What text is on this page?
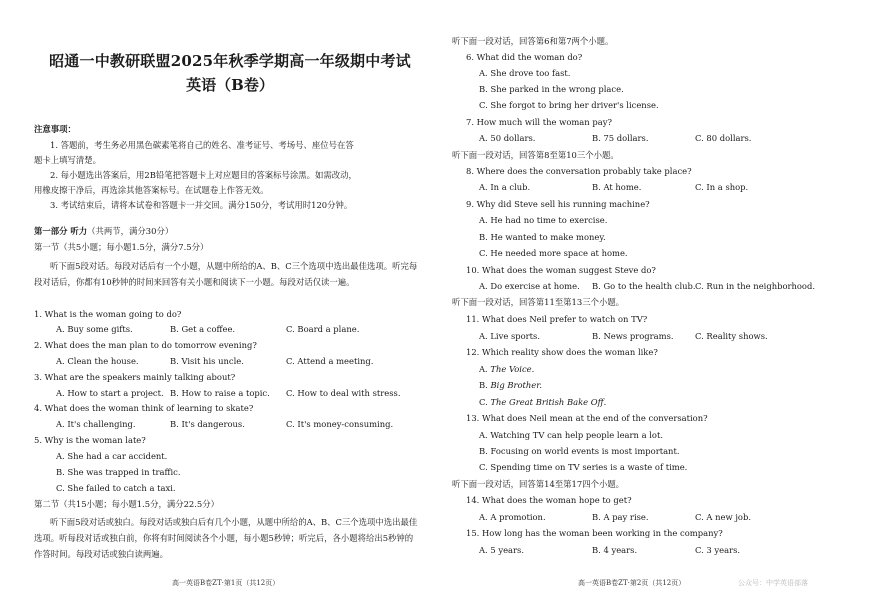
昭通一中教研联盟2025年秋季学期高一年级期中考试
英语（B卷）
注意事项：
1. 答题前，考生务必用黑色碳素笔将自己的姓名、准考证号、考场号、座位号在答
题卡上填写清楚。
2. 每小题选出答案后，用2B铅笔把答题卡上对应题目的答案标号涂黑。如需改动，
用橡皮擦干净后，再选涂其他答案标号。在试题卷上作答无效。
3. 考试结束后，请将本试卷和答题卡一并交回。满分150分，考试用时120分钟。
第一部分 听力（共两节，满分30分）
第一节（共5小题；每小题1.5分，满分7.5分）
听下面5段对话。每段对话后有一个小题，从题中所给的A、B、C三个选项中选出最佳选项。听完每段对话后，你都有10秒钟的时间来回答有关小题和阅读下一小题。每段对话仅读一遍。
1. What is the woman going to do?
A. Buy some gifts.	B. Get a coffee.	C. Board a plane.
2. What does the man plan to do tomorrow evening?
A. Clean the house.	B. Visit his uncle.	C. Attend a meeting.
3. What are the speakers mainly talking about?
A. How to start a project. B. How to raise a topic. C. How to deal with stress.
4. What does the woman think of learning to skate?
A. It's challenging.	B. It's dangerous.	C. It's money-consuming.
5. Why is the woman late?
A. She had a car accident.
B. She was trapped in traffic.
C. She failed to catch a taxi.
第二节（共15小题；每小题1.5分，满分22.5分）
听下面5段对话或独白。每段对话或独白后有几个小题，从题中所给的A、B、C三个选项中选出最佳选项。听每段对话或独白前，你将有时间阅读各个小题，每小题5秒钟；听完后，各小题将给出5秒钟的作答时间。每段对话或独白读两遍。
高一英语B卷ZT·第1页（共12页）
听下面一段对话，回答第6和第7两个小题。
6. What did the woman do?
A. She drove too fast.
B. She parked in the wrong place.
C. She forgot to bring her driver's license.
7. How much will the woman pay?
A. 50 dollars.	B. 75 dollars.	C. 80 dollars.
听下面一段对话，回答第8至第10三个小题。
8. Where does the conversation probably take place?
A. In a club.	B. At home.	C. In a shop.
9. Why did Steve sell his running machine?
A. He had no time to exercise.
B. He wanted to make money.
C. He needed more space at home.
10. What does the woman suggest Steve do?
A. Do exercise at home. B. Go to the health club. C. Run in the neighborhood.
听下面一段对话，回答第11至第13三个小题。
11. What does Neil prefer to watch on TV?
A. Live sports.	B. News programs.	C. Reality shows.
12. Which reality show does the woman like?
A. The Voice.
B. Big Brother.
C. The Great British Bake Off.
13. What does Neil mean at the end of the conversation?
A. Watching TV can help people learn a lot.
B. Focusing on world events is most important.
C. Spending time on TV series is a waste of time.
听下面一段对话，回答第14至第17四个小题。
14. What does the woman hope to get?
A. A promotion.	B. A pay rise.	C. A new job.
15. How long has the woman been working in the company?
A. 5 years.	B. 4 years.	C. 3 years.
高一英语B卷ZT·第2页（共12页）	公众号：中学英语部落
